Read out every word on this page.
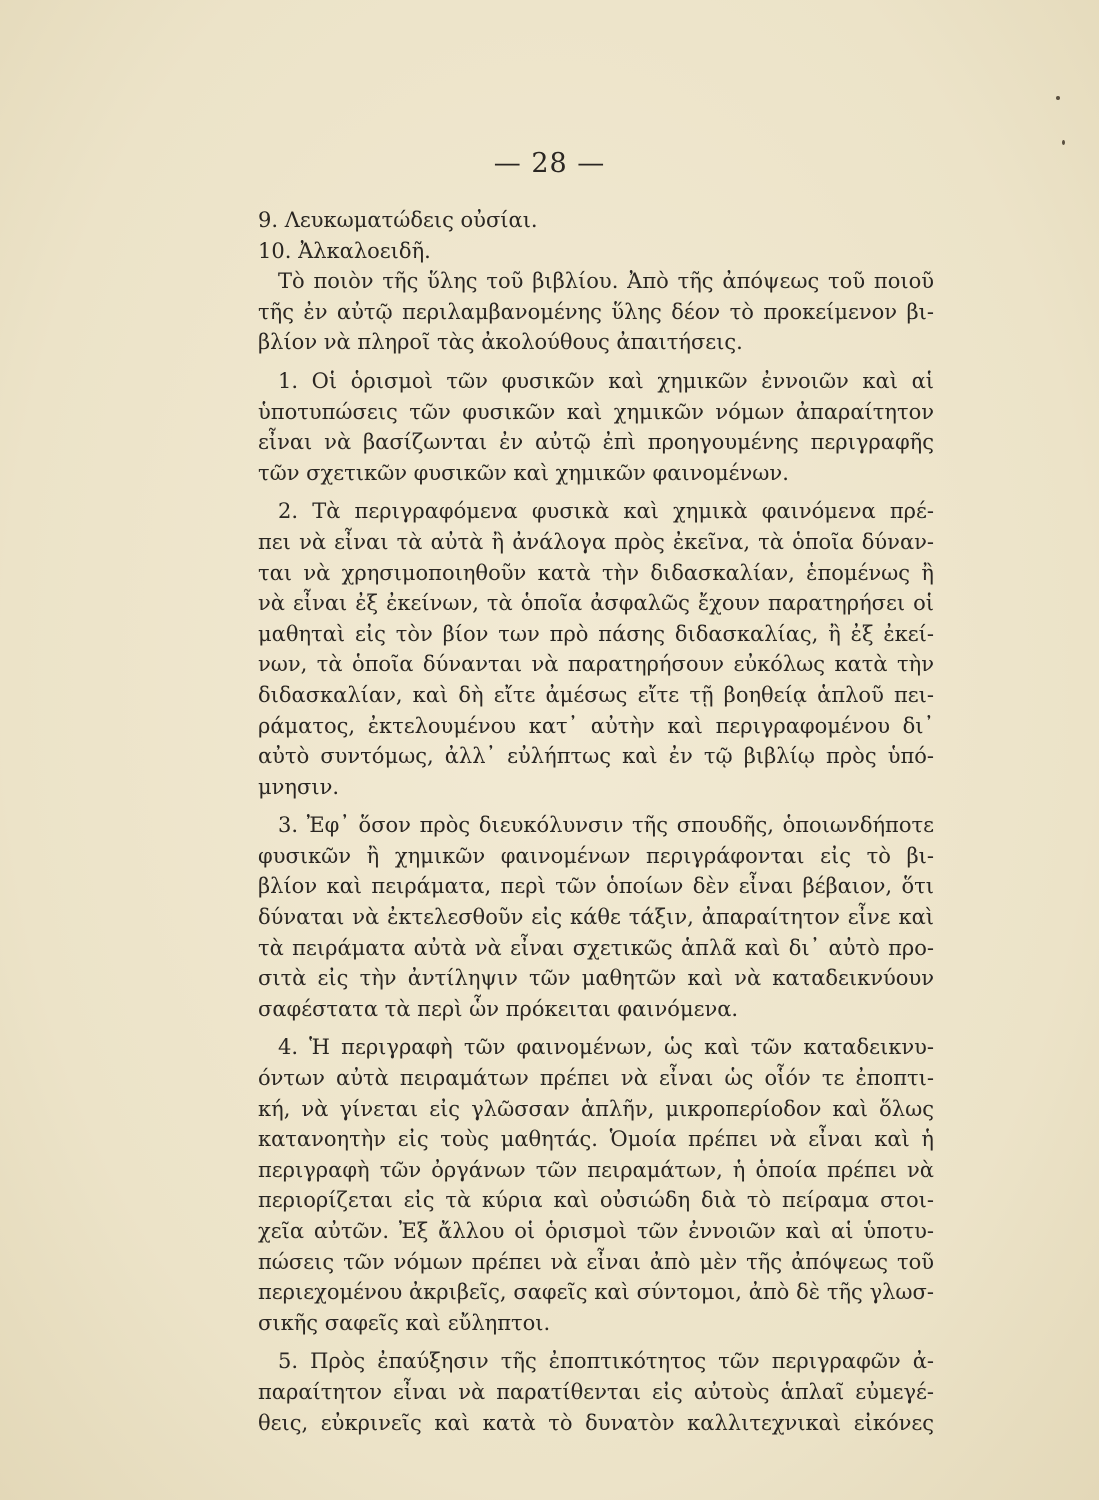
— 28 —
9. Λευκωματώδεις οὐσίαι.
10. Ἀλκαλοειδῆ.
Τὸ ποιὸν τῆς ὕλης τοῦ βιβλίου. Ἀπὸ τῆς ἀπόψεως τοῦ ποιοῦ
τῆς ἐν αὐτῷ περιλαμβανομένης ὕλης δέον τὸ προκείμενον βι-
βλίον νὰ πληροῖ τὰς ἀκολούθους ἀπαιτήσεις.
1. Οἱ ὁρισμοὶ τῶν φυσικῶν καὶ χημικῶν ἐννοιῶν καὶ αἱ
ὑποτυπώσεις τῶν φυσικῶν καὶ χημικῶν νόμων ἀπαραίτητον
εἶναι νὰ βασίζωνται ἐν αὐτῷ ἐπὶ προηγουμένης περιγραφῆς
τῶν σχετικῶν φυσικῶν καὶ χημικῶν φαινομένων.
2. Τὰ περιγραφόμενα φυσικὰ καὶ χημικὰ φαινόμενα πρέ-
πει νὰ εἶναι τὰ αὐτὰ ἢ ἀνάλογα πρὸς ἐκεῖνα, τὰ ὁποῖα δύναν-
ται νὰ χρησιμοποιηθοῦν κατὰ τὴν διδασκαλίαν, ἑπομένως ἢ
νὰ εἶναι ἐξ ἐκείνων, τὰ ὁποῖα ἀσφαλῶς ἔχουν παρατηρήσει οἱ
μαθηταὶ εἰς τὸν βίον των πρὸ πάσης διδασκαλίας, ἢ ἐξ ἐκεί-
νων, τὰ ὁποῖα δύνανται νὰ παρατηρήσουν εὐκόλως κατὰ τὴν
διδασκαλίαν, καὶ δὴ εἴτε ἀμέσως εἴτε τῇ βοηθείᾳ ἁπλοῦ πει-
ράματος, ἐκτελουμένου κατ᾽ αὐτὴν καὶ περιγραφομένου δι᾽
αὐτὸ συντόμως, ἀλλ᾽ εὐλήπτως καὶ ἐν τῷ βιβλίῳ πρὸς ὑπό-
μνησιν.
3. Ἐφ᾽ ὅσον πρὸς διευκόλυνσιν τῆς σπουδῆς, ὁποιωνδήποτε
φυσικῶν ἢ χημικῶν φαινομένων περιγράφονται εἰς τὸ βι-
βλίον καὶ πειράματα, περὶ τῶν ὁποίων δὲν εἶναι βέβαιον, ὅτι
δύναται νὰ ἐκτελεσθοῦν εἰς κάθε τάξιν, ἀπαραίτητον εἶνε καὶ
τὰ πειράματα αὐτὰ νὰ εἶναι σχετικῶς ἁπλᾶ καὶ δι᾽ αὐτὸ προ-
σιτὰ εἰς τὴν ἀντίληψιν τῶν μαθητῶν καὶ νὰ καταδεικνύουν
σαφέστατα τὰ περὶ ὧν πρόκειται φαινόμενα.
4. Ἡ περιγραφὴ τῶν φαινομένων, ὡς καὶ τῶν καταδεικνυ-
όντων αὐτὰ πειραμάτων πρέπει νὰ εἶναι ὡς οἷόν τε ἐποπτι-
κή, νὰ γίνεται εἰς γλῶσσαν ἁπλῆν, μικροπερίοδον καὶ ὅλως
κατανοητὴν εἰς τοὺς μαθητάς. Ὁμοία πρέπει νὰ εἶναι καὶ ἡ
περιγραφὴ τῶν ὀργάνων τῶν πειραμάτων, ἡ ὁποία πρέπει νὰ
περιορίζεται εἰς τὰ κύρια καὶ οὐσιώδη διὰ τὸ πείραμα στοι-
χεῖα αὐτῶν. Ἐξ ἄλλου οἱ ὁρισμοὶ τῶν ἐννοιῶν καὶ αἱ ὑποτυ-
πώσεις τῶν νόμων πρέπει νὰ εἶναι ἀπὸ μὲν τῆς ἀπόψεως τοῦ
περιεχομένου ἀκριβεῖς, σαφεῖς καὶ σύντομοι, ἀπὸ δὲ τῆς γλωσ-
σικῆς σαφεῖς καὶ εὔληπτοι.
5. Πρὸς ἐπαύξησιν τῆς ἐποπτικότητος τῶν περιγραφῶν ἀ-
παραίτητον εἶναι νὰ παρατίθενται εἰς αὐτοὺς ἁπλαῖ εὐμεγέ-
θεις, εὐκρινεῖς καὶ κατὰ τὸ δυνατὸν καλλιτεχνικαὶ εἰκόνες
